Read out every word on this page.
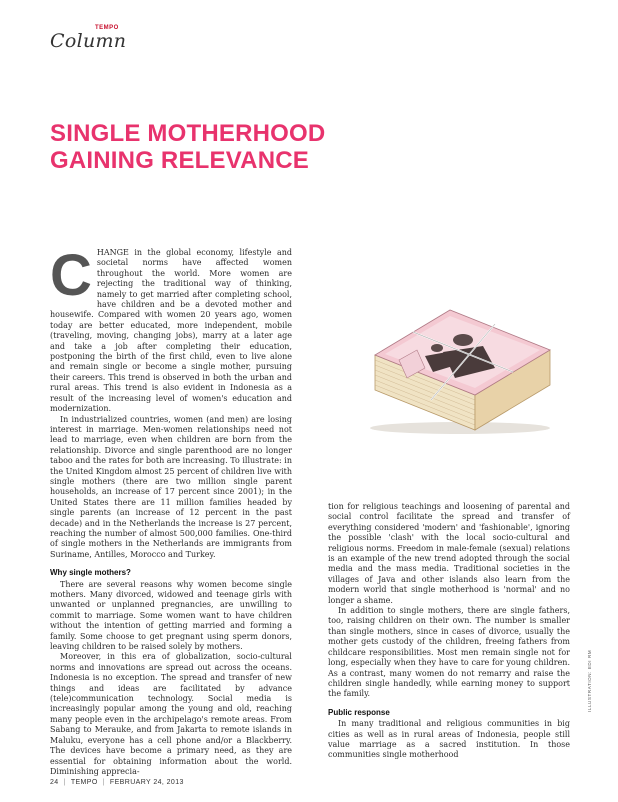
Column
TEMPO
SINGLE MOTHERHOOD GAINING RELEVANCE

CHANGE in the global economy, lifestyle and societal norms have affected women throughout the world. More women are rejecting the traditional way of thinking, namely to get married after completing school, have children and be a devoted mother and housewife. Compared with women 20 years ago, women today are better educated, more independent, mobile (traveling, moving, changing jobs), marry at a later age and take a job after completing their education, postponing the birth of the first child, even to live alone and remain single or become a single mother, pursuing their careers. This trend is observed in both the urban and rural areas. This trend is also evident in Indonesia as a result of the increasing level of women's education and modernization.

In industrialized countries, women (and men) are losing interest in marriage. Men-women relationships need not lead to marriage, even when children are born from the relationship. Divorce and single parenthood are no longer taboo and the rates for both are increasing. To illustrate: in the United Kingdom almost 25 percent of children live with single mothers (there are two million single parent households, an increase of 17 percent since 2001); in the United States there are 11 million families headed by single parents (an increase of 12 percent in the past decade) and in the Netherlands the increase is 27 percent, reaching the number of almost 500,000 families. One-third of single mothers in the Netherlands are immigrants from Suriname, Antilles, Morocco and Turkey.

Why single mothers?

There are several reasons why women become single mothers. Many divorced, widowed and teenage girls with unwanted or unplanned pregnancies, are unwilling to commit to marriage. Some women want to have children without the intention of getting married and forming a family. Some choose to get pregnant using sperm donors, leaving children to be raised solely by mothers.

Moreover, in this era of globalization, socio-cultural norms and innovations are spread out across the oceans. Indonesia is no exception. The spread and transfer of new things and ideas are facilitated by advance (tele)communication technology. Social media is increasingly popular among the young and old, reaching many people even in the archipelago's remote areas. From Sabang to Merauke, and from Jakarta to remote islands in Maluku, everyone has a cell phone and/or a Blackberry. The devices have become a primary need, as they are essential for obtaining information about the world. Diminishing apprecia-

tion for religious teachings and loosening of parental and social control facilitate the spread and transfer of everything considered 'modern' and 'fashionable', ignoring the possible 'clash' with the local socio-cultural and religious norms. Freedom in male-female (sexual) relations is an example of the new trend adopted through the social media and the mass media. Traditional societies in the villages of Java and other islands also learn from the modern world that single motherhood is 'normal' and no longer a shame.

In addition to single mothers, there are single fathers, too, raising children on their own. The number is smaller than single mothers, since in cases of divorce, usually the mother gets custody of the children, freeing fathers from childcare responsibilities. Most men remain single not for long, especially when they have to care for young children. As a contrast, many women do not remarry and raise the children single handedly, while earning money to support the family.

Public response

In many traditional and religious communities in big cities as well as in rural areas of Indonesia, people still value marriage as a sacred institution. In those communities single motherhood

ILLUSTRATION: EDI RM
24 | TEMPO | FEBRUARY 24, 2013
